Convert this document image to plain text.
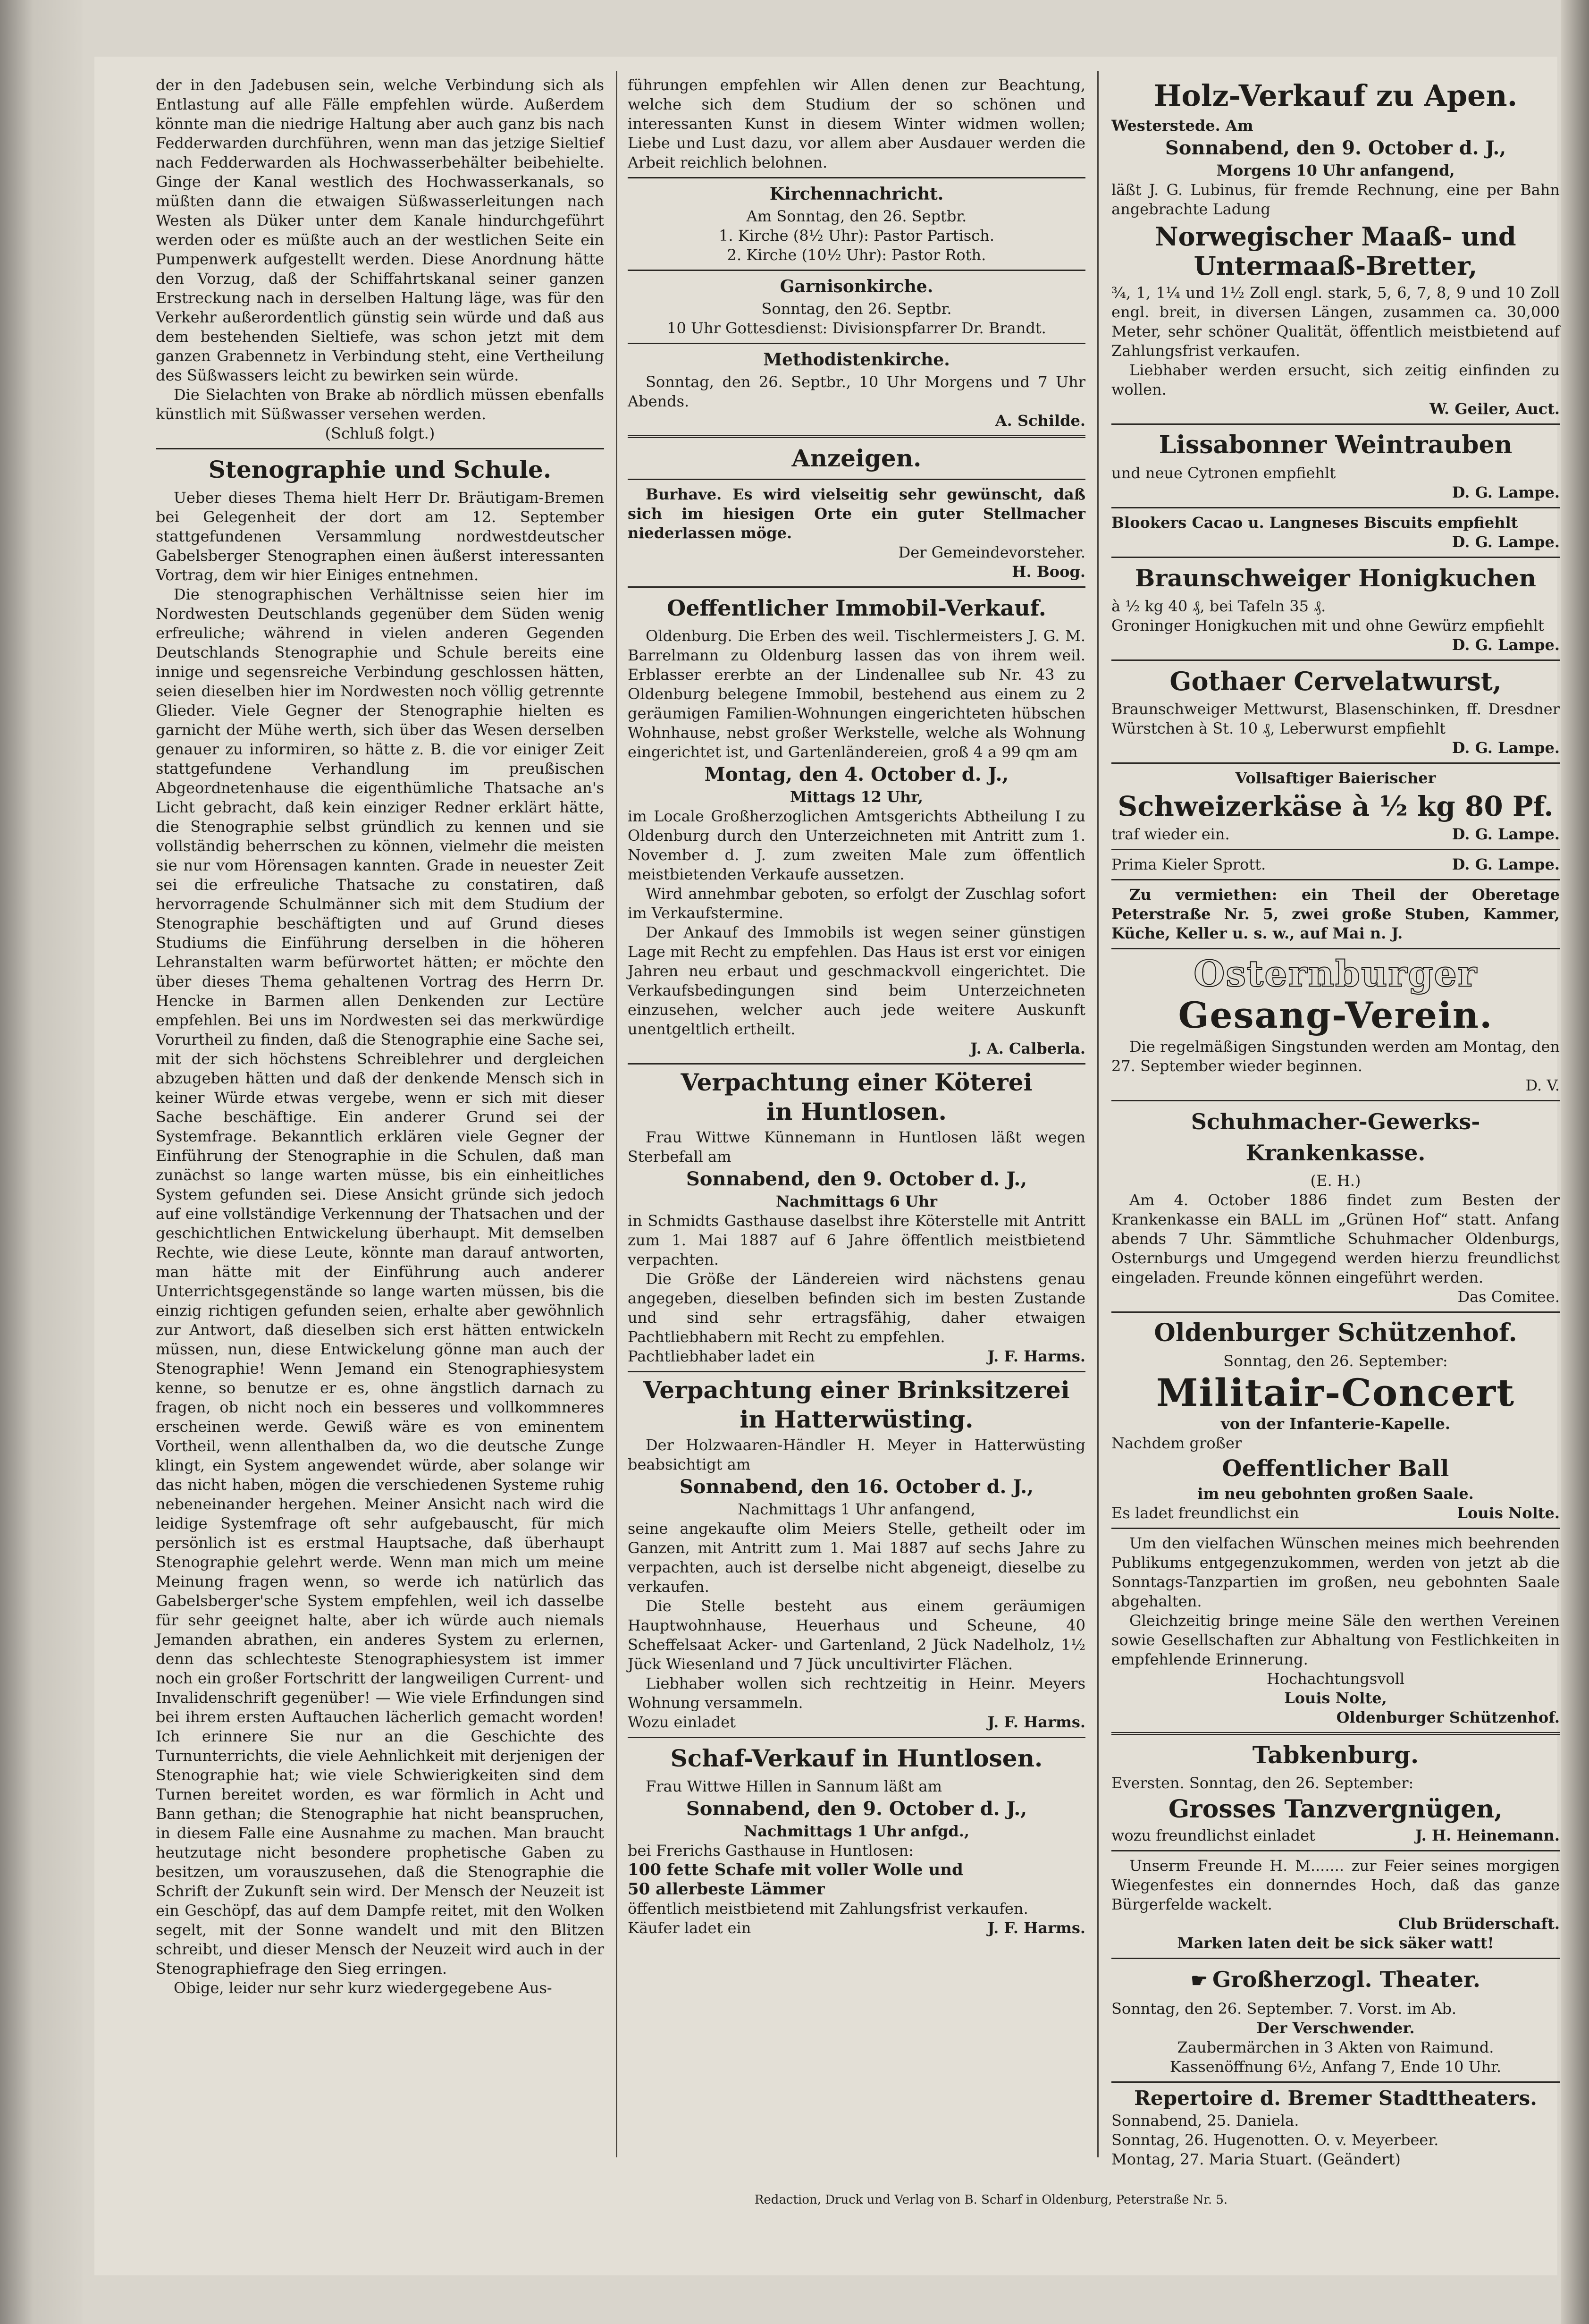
der in den Jadebusen sein, welche Verbindung sich als Entlastung auf alle Fälle empfehlen würde. Außerdem könnte man die niedrige Haltung aber auch ganz bis nach Fedderwarden durchführen, wenn man das jetzige Sieltief nach Fedderwarden als Hochwasserbehälter beibehielte. Ginge der Kanal westlich des Hochwasserkanals, so müßten dann die etwaigen Süßwasserleitungen nach Westen als Düker unter dem Kanale hindurchgeführt werden oder es müßte auch an der westlichen Seite ein Pumpenwerk aufgestellt werden. Diese Anordnung hätte den Vorzug, daß der Schiffahrtskanal seiner ganzen Erstreckung nach in derselben Haltung läge, was für den Verkehr außerordentlich günstig sein würde und daß aus dem bestehenden Sieltiefe, was schon jetzt mit dem ganzen Grabennetz in Verbindung steht, eine Vertheilung des Süßwassers leicht zu bewirken sein würde.

Die Sielachten von Brake ab nördlich müssen ebenfalls künstlich mit Süßwasser versehen werden.

(Schluß folgt.)
Stenographie und Schule.

Ueber dieses Thema hielt Herr Dr. Bräutigam-Bremen bei Gelegenheit der dort am 12. September stattgefundenen Versammlung nordwestdeutscher Gabelsberger Stenographen einen äußerst interessanten Vortrag, dem wir hier Einiges entnehmen.

Die stenographischen Verhältnisse seien hier im Nordwesten Deutschlands gegenüber dem Süden wenig erfreuliche; während in vielen anderen Gegenden Deutschlands Stenographie und Schule bereits eine innige und segensreiche Verbindung geschlossen hätten, seien dieselben hier im Nordwesten noch völlig getrennte Glieder. Viele Gegner der Stenographie hielten es garnicht der Mühe werth, sich über das Wesen derselben genauer zu informiren, so hätte z. B. die vor einiger Zeit stattgefundene Verhandlung im preußischen Abgeordnetenhause die eigenthümliche Thatsache an's Licht gebracht, daß kein einziger Redner erklärt hätte, die Stenographie selbst gründlich zu kennen und sie vollständig beherrschen zu können, vielmehr die meisten sie nur vom Hörensagen kannten. Grade in neuester Zeit sei die erfreuliche Thatsache zu constatiren, daß hervorragende Schulmänner sich mit dem Studium der Stenographie beschäftigten und auf Grund dieses Studiums die Einführung derselben in die höheren Lehranstalten warm befürwortet hätten; er möchte den über dieses Thema gehaltenen Vortrag des Herrn Dr. Hencke in Barmen allen Denkenden zur Lectüre empfehlen. Bei uns im Nordwesten sei das merkwürdige Vorurtheil zu finden, daß die Stenographie eine Sache sei, mit der sich höchstens Schreiblehrer und dergleichen abzugeben hätten und daß der denkende Mensch sich in keiner Würde etwas vergebe, wenn er sich mit dieser Sache beschäftige. Ein anderer Grund sei der Systemfrage. Bekanntlich erklären viele Gegner der Einführung der Stenographie in die Schulen, daß man zunächst so lange warten müsse, bis ein einheitliches System gefunden sei. Diese Ansicht gründe sich jedoch auf eine vollständige Verkennung der Thatsachen und der geschichtlichen Entwickelung überhaupt. Mit demselben Rechte, wie diese Leute, könnte man darauf antworten, man hätte mit der Einführung auch anderer Unterrichtsgegenstände so lange warten müssen, bis die einzig richtigen gefunden seien, erhalte aber gewöhnlich zur Antwort, daß dieselben sich erst hätten entwickeln müssen, nun, diese Entwickelung gönne man auch der Stenographie! Wenn Jemand ein Stenographiesystem kenne, so benutze er es, ohne ängstlich darnach zu fragen, ob nicht noch ein besseres und vollkommneres erscheinen werde. Gewiß wäre es von eminentem Vortheil, wenn allenthalben da, wo die deutsche Zunge klingt, ein System angewendet würde, aber solange wir das nicht haben, mögen die verschiedenen Systeme ruhig nebeneinander hergehen. Meiner Ansicht nach wird die leidige Systemfrage oft sehr aufgebauscht, für mich persönlich ist es erstmal Hauptsache, daß überhaupt Stenographie gelehrt werde. Wenn man mich um meine Meinung fragen wenn, so werde ich natürlich das Gabelsberger'sche System empfehlen, weil ich dasselbe für sehr geeignet halte, aber ich würde auch niemals Jemanden abrathen, ein anderes System zu erlernen, denn das schlechteste Stenographiesystem ist immer noch ein großer Fortschritt der langweiligen Current- und Invalidenschrift gegenüber! — Wie viele Erfindungen sind bei ihrem ersten Auftauchen lächerlich gemacht worden! Ich erinnere Sie nur an die Geschichte des Turnunterrichts, die viele Aehnlichkeit mit derjenigen der Stenographie hat; wie viele Schwierigkeiten sind dem Turnen bereitet worden, es war förmlich in Acht und Bann gethan; die Stenographie hat nicht beanspruchen, in diesem Falle eine Ausnahme zu machen. Man braucht heutzutage nicht besondere prophetische Gaben zu besitzen, um vorauszusehen, daß die Stenographie die Schrift der Zukunft sein wird. Der Mensch der Neuzeit ist ein Geschöpf, das auf dem Dampfe reitet, mit den Wolken segelt, mit der Sonne wandelt und mit den Blitzen schreibt, und dieser Mensch der Neuzeit wird auch in der Stenographiefrage den Sieg erringen.

Obige, leider nur sehr kurz wiedergegebene Aus-

führungen empfehlen wir Allen denen zur Beachtung, welche sich dem Studium der so schönen und interessanten Kunst in diesem Winter widmen wollen; Liebe und Lust dazu, vor allem aber Ausdauer werden die Arbeit reichlich belohnen.

Kirchennachricht.
Am Sonntag, den 26. Septbr.
1. Kirche (8½ Uhr): Pastor Partisch.
2. Kirche (10½ Uhr): Pastor Roth.
Garnisonkirche.
Sonntag, den 26. Septbr.
10 Uhr Gottesdienst: Divisionspfarrer Dr. Brandt.
Methodistenkirche.

Sonntag, den 26. Septbr., 10 Uhr Morgens und 7 Uhr Abends.

A. Schilde.
Anzeigen.

Burhave. Es wird vielseitig sehr gewünscht, daß sich im hiesigen Orte ein guter Stellmacher niederlassen möge.

Der Gemeindevorsteher.
H. Boog.
Oeffentlicher Immobil-Verkauf.

Oldenburg. Die Erben des weil. Tischlermeisters J. G. M. Barrelmann zu Oldenburg lassen das von ihrem weil. Erblasser ererbte an der Lindenallee sub Nr. 43 zu Oldenburg belegene Immobil, bestehend aus einem zu 2 geräumigen Familien-Wohnungen eingerichteten hübschen Wohnhause, nebst großer Werkstelle, welche als Wohnung eingerichtet ist, und Gartenländereien, groß 4 a 99 qm am

Montag, den 4. October d. J.,
Mittags 12 Uhr,

im Locale Großherzoglichen Amtsgerichts Abtheilung I zu Oldenburg durch den Unterzeichneten mit Antritt zum 1. November d. J. zum zweiten Male zum öffentlich meistbietenden Verkaufe aussetzen.

Wird annehmbar geboten, so erfolgt der Zuschlag sofort im Verkaufstermine.

Der Ankauf des Immobils ist wegen seiner günstigen Lage mit Recht zu empfehlen. Das Haus ist erst vor einigen Jahren neu erbaut und geschmackvoll eingerichtet. Die Verkaufsbedingungen sind beim Unterzeichneten einzusehen, welcher auch jede weitere Auskunft unentgeltlich ertheilt.

J. A. Calberla.
Verpachtung einer Köterei
in Huntlosen.

Frau Wittwe Künnemann in Huntlosen läßt wegen Sterbefall am

Sonnabend, den 9. October d. J.,
Nachmittags 6 Uhr

in Schmidts Gasthause daselbst ihre Köterstelle mit Antritt zum 1. Mai 1887 auf 6 Jahre öffentlich meistbietend verpachten.

Die Größe der Ländereien wird nächstens genau angegeben, dieselben befinden sich im besten Zustande und sind sehr ertragsfähig, daher etwaigen Pachtliebhabern mit Recht zu empfehlen.

Pachtliebhaber ladet ein	J. F. Harms.
Verpachtung einer Brinksitzerei
in Hatterwüsting.

Der Holzwaaren-Händler H. Meyer in Hatterwüsting beabsichtigt am

Sonnabend, den 16. October d. J.,
Nachmittags 1 Uhr anfangend,

seine angekaufte olim Meiers Stelle, getheilt oder im Ganzen, mit Antritt zum 1. Mai 1887 auf sechs Jahre zu verpachten, auch ist derselbe nicht abgeneigt, dieselbe zu verkaufen.

Die Stelle besteht aus einem geräumigen Hauptwohnhause, Heuerhaus und Scheune, 40 Scheffelsaat Acker- und Gartenland, 2 Jück Nadelholz, 1½ Jück Wiesenland und 7 Jück uncultivirter Flächen.

Liebhaber wollen sich rechtzeitig in Heinr. Meyers Wohnung versammeln.

Wozu einladet	J. F. Harms.
Schaf-Verkauf in Huntlosen.

Frau Wittwe Hillen in Sannum läßt am

Sonnabend, den 9. October d. J.,
Nachmittags 1 Uhr anfgd.,

bei Frerichs Gasthause in Huntlosen:

100 fette Schafe mit voller Wolle und

50 allerbeste Lämmer

öffentlich meistbietend mit Zahlungsfrist verkaufen.

Käufer ladet ein	J. F. Harms.
Holz-Verkauf zu Apen.

Westerstede. Am

Sonnabend, den 9. October d. J.,
Morgens 10 Uhr anfangend,

läßt J. G. Lubinus, für fremde Rechnung, eine per Bahn angebrachte Ladung

Norwegischer Maaß- und Untermaaß-Bretter,

¾, 1, 1¼ und 1½ Zoll engl. stark, 5, 6, 7, 8, 9 und 10 Zoll engl. breit, in diversen Längen, zusammen ca. 30,000 Meter, sehr schöner Qualität, öffentlich meistbietend auf Zahlungsfrist verkaufen.

Liebhaber werden ersucht, sich zeitig einfinden zu wollen.

W. Geiler, Auct.
Lissabonner Weintrauben

und neue Cytronen empfiehlt

D. G. Lampe.

Blookers Cacao u. Langneses Biscuits empfiehlt

D. G. Lampe.
Braunschweiger Honigkuchen

à ½ kg 40 ₰, bei Tafeln 35 ₰.

Groninger Honigkuchen mit und ohne Gewürz empfiehlt

D. G. Lampe.
Gothaer Cervelatwurst,

Braunschweiger Mettwurst, Blasenschinken, ff. Dresdner Würstchen à St. 10 ₰, Leberwurst empfiehlt

D. G. Lampe.
Vollsaftiger Baierischer
Schweizerkäse à ½ kg 80 Pf.
traf wieder ein.	D. G. Lampe.
Prima Kieler Sprott.	D. G. Lampe.

Zu vermiethen: ein Theil der Oberetage Peterstraße Nr. 5, zwei große Stuben, Kammer, Küche, Keller u. s. w., auf Mai n. J.

Osternburger
Gesang-Verein.

Die regelmäßigen Singstunden werden am Montag, den 27. September wieder beginnen.

D. V.
Schuhmacher-Gewerks-Krankenkasse.
(E. H.)

Am 4. October 1886 findet zum Besten der Krankenkasse ein BALL im „Grünen Hof“ statt. Anfang abends 7 Uhr. Sämmtliche Schuhmacher Oldenburgs, Osternburgs und Umgegend werden hierzu freundlichst eingeladen. Freunde können eingeführt werden.

Das Comitee.
Oldenburger Schützenhof.
Sonntag, den 26. September:
Militair-Concert
von der Infanterie-Kapelle.

Nachdem großer

Oeffentlicher Ball
im neu gebohnten großen Saale.
Es ladet freundlichst ein	Louis Nolte.

Um den vielfachen Wünschen meines mich beehrenden Publikums entgegenzukommen, werden von jetzt ab die Sonntags-Tanzpartien im großen, neu gebohnten Saale abgehalten.

Gleichzeitig bringe meine Säle den werthen Vereinen sowie Gesellschaften zur Abhaltung von Festlichkeiten in empfehlende Erinnerung.

Hochachtungsvoll
Louis Nolte,
Oldenburger Schützenhof.
Tabkenburg.

Eversten. Sonntag, den 26. September:

Grosses Tanzvergnügen,
wozu freundlichst einladet	J. H. Heinemann.

Unserm Freunde H. M....... zur Feier seines morgigen Wiegenfestes ein donnerndes Hoch, daß das ganze Bürgerfelde wackelt.

Club Brüderschaft.
Marken laten deit be sick säker watt!
☛ Großherzogl. Theater.

Sonntag, den 26. September. 7. Vorst. im Ab.

Der Verschwender.
Zaubermärchen in 3 Akten von Raimund.
Kassenöffnung 6½, Anfang 7, Ende 10 Uhr.
Repertoire d. Bremer Stadttheaters.

Sonnabend, 25. Daniela.

Sonntag, 26. Hugenotten. O. v. Meyerbeer.

Montag, 27. Maria Stuart. (Geändert)

Redaction, Druck und Verlag von B. Scharf in Oldenburg, Peterstraße Nr. 5.
